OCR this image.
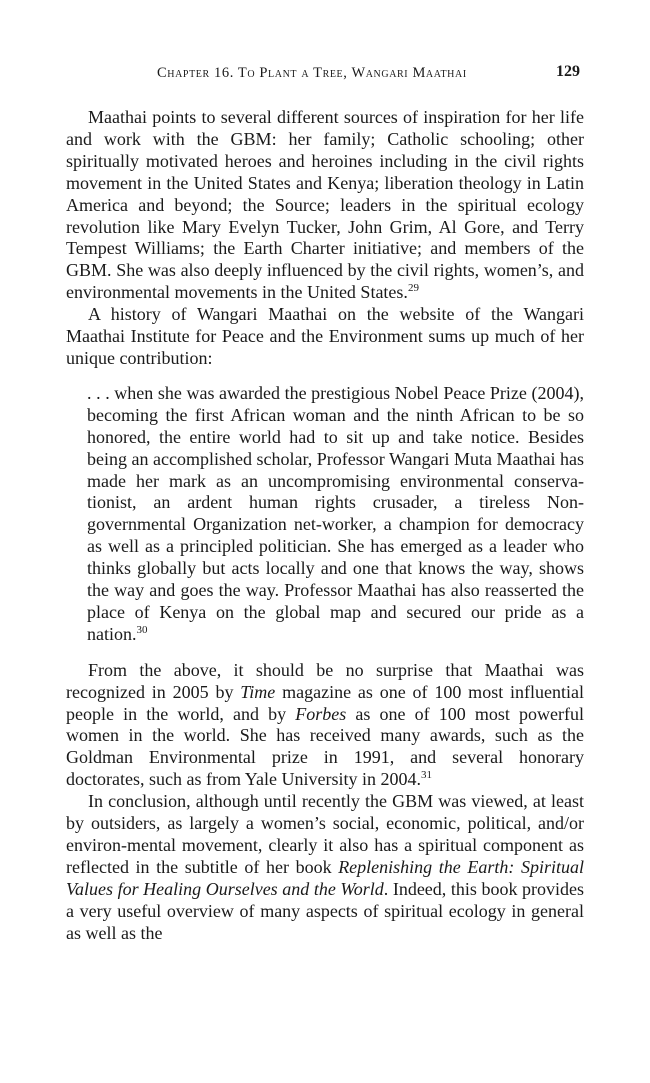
Chapter 16. To Plant a Tree, Wangari Maathai	129

Maathai points to several different sources of inspiration for her life and work with the GBM: her family; Catholic schooling; other spiritually motivated heroes and heroines including in the civil rights movement in the United States and Kenya; liberation theology in Latin America and beyond; the Source; leaders in the spiritual ecology revolution like Mary Evelyn Tucker, John Grim, Al Gore, and Terry Tempest Williams; the Earth Charter initiative; and members of the GBM. She was also deeply influenced by the civil rights, women’s, and environmental movements in the United States.$^{29}$

A history of Wangari Maathai on the website of the Wangari Maathai Institute for Peace and the Environment sums up much of her unique contribution:

. . . when she was awarded the prestigious Nobel Peace Prize (2004), becoming the first African woman and the ninth African to be so honored, the entire world had to sit up and take notice. Besides being an accomplished scholar, Professor Wangari Muta Maathai has made her mark as an uncompromising environmental conserva-tionist, an ardent human rights crusader, a tireless Non-governmental Organization net-worker, a champion for democracy as well as a principled politician. She has emerged as a leader who thinks globally but acts locally and one that knows the way, shows the way and goes the way. Professor Maathai has also reasserted the place of Kenya on the global map and secured our pride as a nation.$^{30}$

From the above, it should be no surprise that Maathai was recognized in 2005 by Time magazine as one of 100 most influential people in the world, and by Forbes as one of 100 most powerful women in the world. She has received many awards, such as the Goldman Environmental prize in 1991, and several honorary doctorates, such as from Yale University in 2004.31

In conclusion, although until recently the GBM was viewed, at least by outsiders, as largely a women’s social, economic, political, and/or environ-mental movement, clearly it also has a spiritual component as reflected in the subtitle of her book Replenishing the Earth: Spiritual Values for Healing Ourselves and the World. Indeed, this book provides a very useful overview of many aspects of spiritual ecology in general as well as the
